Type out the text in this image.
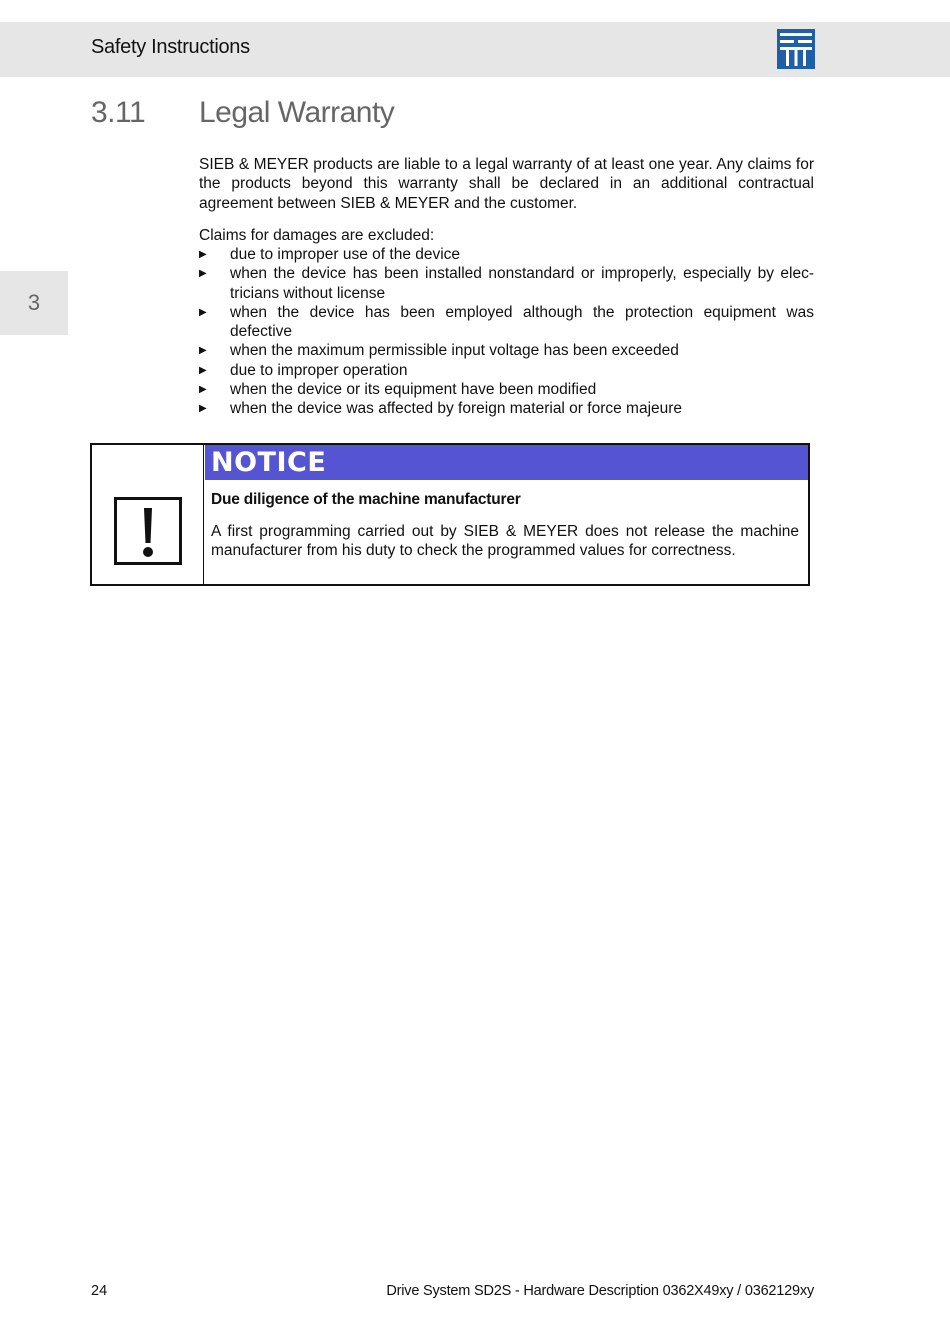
Safety Instructions
3
3.11 Legal Warranty

SIEB & MEYER products are liable to a legal warranty of at least one year. Any claims for the products beyond this warranty shall be declared in an additional contractual agreement between SIEB & MEYER and the customer.

Claims for damages are excluded:

▶ due to improper use of the device
▶ when the device has been installed nonstandard or improperly, especially by electricians without license
▶ when the device has been employed although the protection equipment was defective
▶ when the maximum permissible input voltage has been exceeded
▶ due to improper operation
▶ when the device or its equipment have been modified
▶ when the device was affected by foreign material or force majeure
NOTICE
Due diligence of the machine manufacturer

A first programming carried out by SIEB & MEYER does not release the machine manufacturer from his duty to check the programmed values for correctness.

24	Drive System SD2S - Hardware Description 0362X49xy / 0362129xy
